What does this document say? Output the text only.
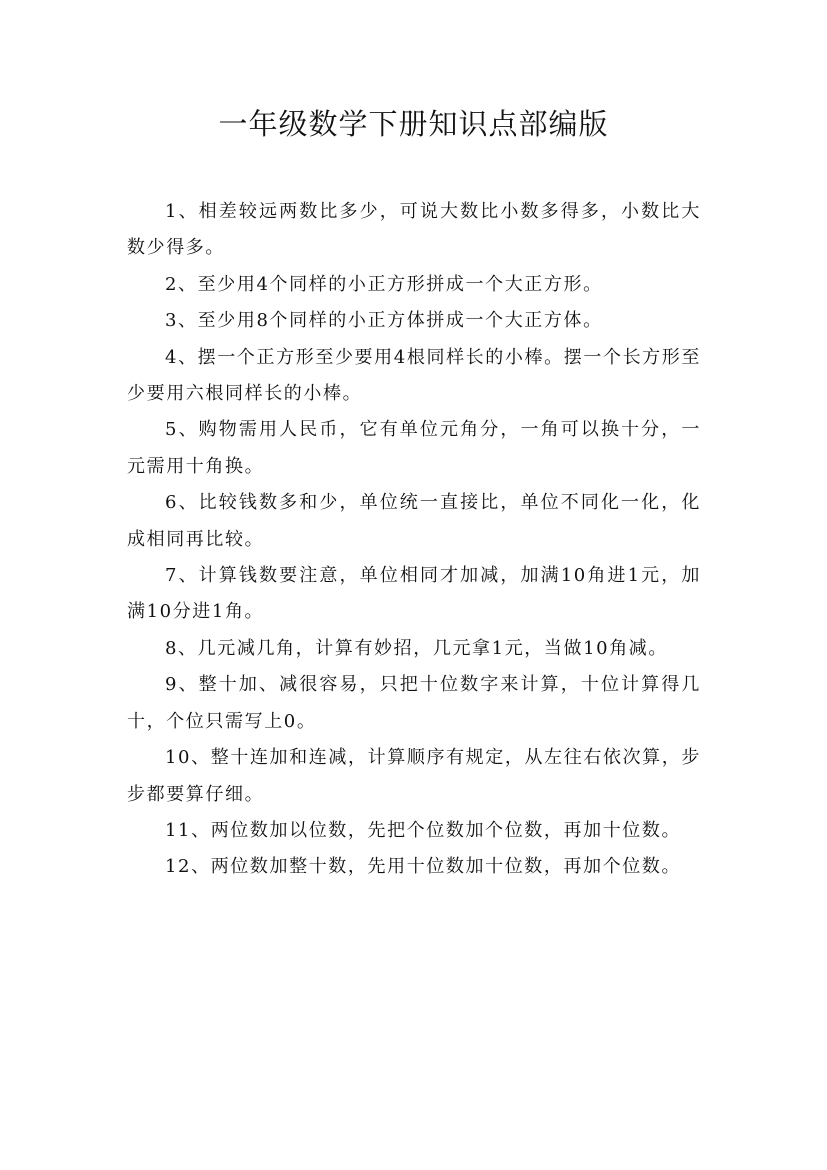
一年级数学下册知识点部编版

1、相差较远两数比多少，可说大数比小数多得多，小数比大数少得多。

2、至少用4个同样的小正方形拼成一个大正方形。

3、至少用8个同样的小正方体拼成一个大正方体。

4、摆一个正方形至少要用4根同样长的小棒。摆一个长方形至少要用六根同样长的小棒。

5、购物需用人民币，它有单位元角分，一角可以换十分，一元需用十角换。

6、比较钱数多和少，单位统一直接比，单位不同化一化，化成相同再比较。

7、计算钱数要注意，单位相同才加减，加满10角进1元，加满10分进1角。

8、几元减几角，计算有妙招，几元拿1元，当做10角减。

9、整十加、减很容易，只把十位数字来计算，十位计算得几十，个位只需写上0。

10、整十连加和连减，计算顺序有规定，从左往右依次算，步步都要算仔细。

11、两位数加以位数，先把个位数加个位数，再加十位数。

12、两位数加整十数，先用十位数加十位数，再加个位数。
